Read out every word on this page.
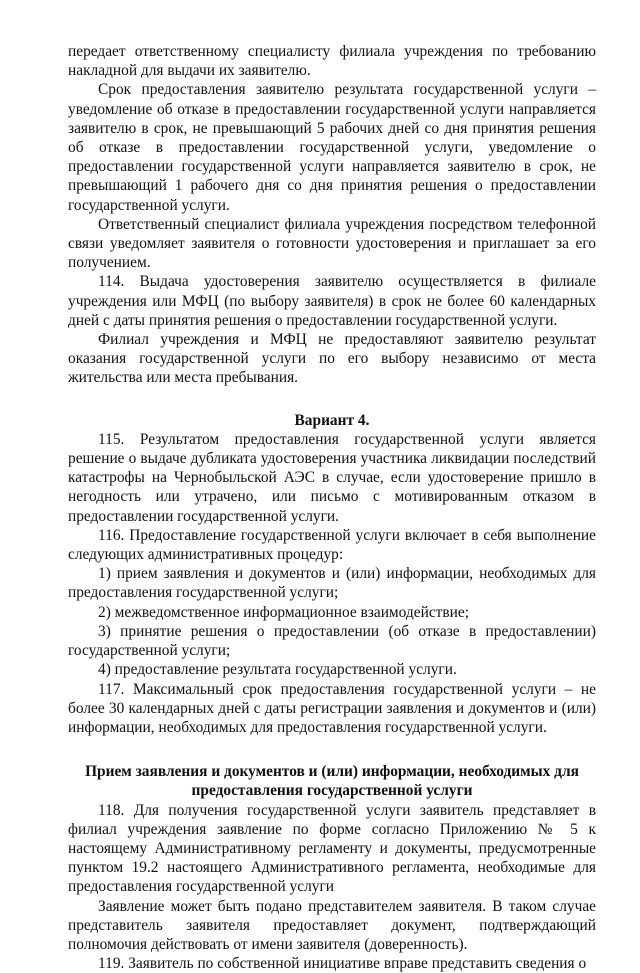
передает ответственному специалисту филиала учреждения по требованию накладной для выдачи их заявителю.

Срок предоставления заявителю результата государственной услуги – уведомление об отказе в предоставлении государственной услуги направляется заявителю в срок, не превышающий 5 рабочих дней со дня принятия решения об отказе в предоставлении государственной услуги, уведомление о предоставлении государственной услуги направляется заявителю в срок, не превышающий 1 рабочего дня со дня принятия решения о предоставлении государственной услуги.

Ответственный специалист филиала учреждения посредством телефонной связи уведомляет заявителя о готовности удостоверения и приглашает за его получением.

114. Выдача удостоверения заявителю осуществляется в филиале учреждения или МФЦ (по выбору заявителя) в срок не более 60 календарных дней с даты принятия решения о предоставлении государственной услуги.

Филиал учреждения и МФЦ не предоставляют заявителю результат оказания государственной услуги по его выбору независимо от места жительства или места пребывания.

Вариант 4.

115. Результатом предоставления государственной услуги является решение о выдаче дубликата удостоверения участника ликвидации последствий катастрофы на Чернобыльской АЭС в случае, если удостоверение пришло в негодность или утрачено, или письмо с мотивированным отказом в предоставлении государственной услуги.

116. Предоставление государственной услуги включает в себя выполнение следующих административных процедур:

1) прием заявления и документов и (или) информации, необходимых для предоставления государственной услуги;

2) межведомственное информационное взаимодействие;

3) принятие решения о предоставлении (об отказе в предоставлении) государственной услуги;

4) предоставление результата государственной услуги.

117. Максимальный срок предоставления государственной услуги – не более 30 календарных дней с даты регистрации заявления и документов и (или) информации, необходимых для предоставления государственной услуги.

Прием заявления и документов и (или) информации, необходимых для предоставления государственной услуги

118. Для получения государственной услуги заявитель представляет в филиал учреждения заявление по форме согласно Приложению № 5 к настоящему Административному регламенту и документы, предусмотренные пунктом 19.2 настоящего Административного регламента, необходимые для предоставления государственной услуги

Заявление может быть подано представителем заявителя. В таком случае представитель заявителя предоставляет документ, подтверждающий полномочия действовать от имени заявителя (доверенность).

119. Заявитель по собственной инициативе вправе представить сведения о
